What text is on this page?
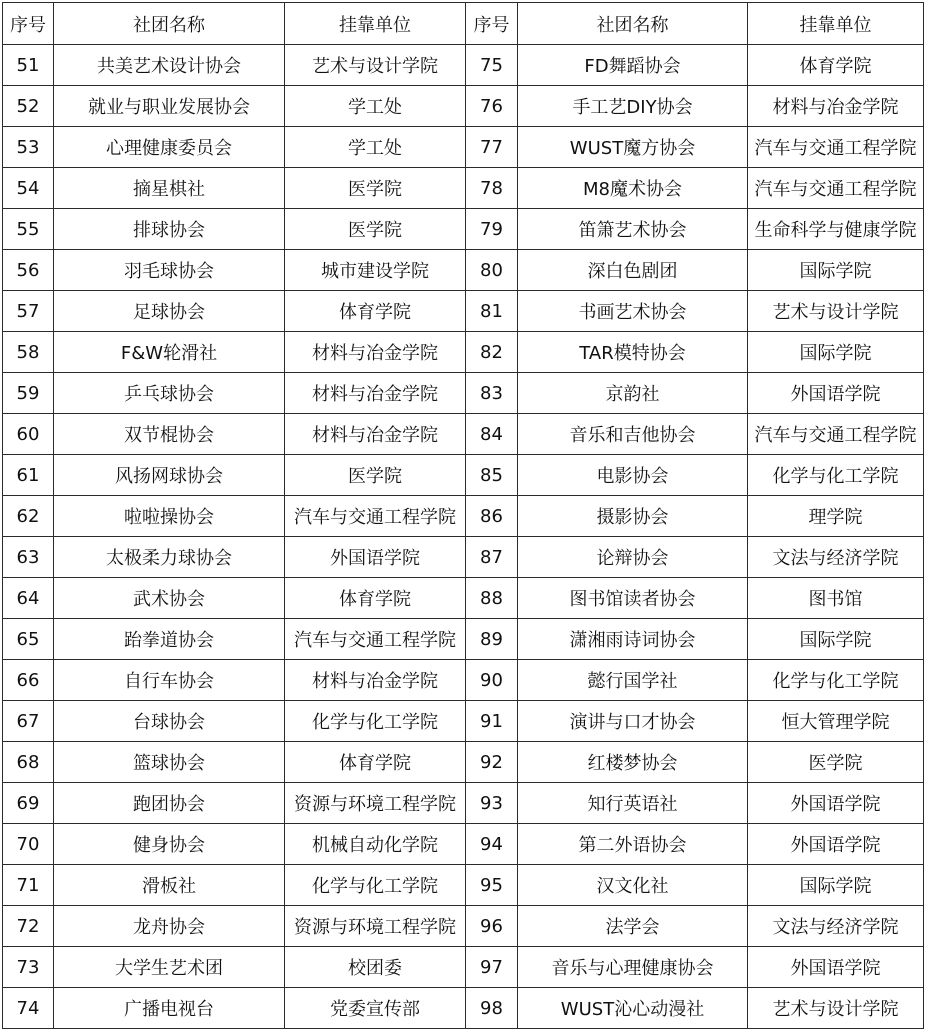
序号	社团名称	挂靠单位	序号	社团名称	挂靠单位
51	共美艺术设计协会	艺术与设计学院	75	FD舞蹈协会	体育学院
52	就业与职业发展协会	学工处	76	手工艺DIY协会	材料与冶金学院
53	心理健康委员会	学工处	77	WUST魔方协会	汽车与交通工程学院
54	摘星棋社	医学院	78	M8魔术协会	汽车与交通工程学院
55	排球协会	医学院	79	笛箫艺术协会	生命科学与健康学院
56	羽毛球协会	城市建设学院	80	深白色剧团	国际学院
57	足球协会	体育学院	81	书画艺术协会	艺术与设计学院
58	F&W轮滑社	材料与冶金学院	82	TAR模特协会	国际学院
59	乒乓球协会	材料与冶金学院	83	京韵社	外国语学院
60	双节棍协会	材料与冶金学院	84	音乐和吉他协会	汽车与交通工程学院
61	风扬网球协会	医学院	85	电影协会	化学与化工学院
62	啦啦操协会	汽车与交通工程学院	86	摄影协会	理学院
63	太极柔力球协会	外国语学院	87	论辩协会	文法与经济学院
64	武术协会	体育学院	88	图书馆读者协会	图书馆
65	跆拳道协会	汽车与交通工程学院	89	潇湘雨诗词协会	国际学院
66	自行车协会	材料与冶金学院	90	懿行国学社	化学与化工学院
67	台球协会	化学与化工学院	91	演讲与口才协会	恒大管理学院
68	篮球协会	体育学院	92	红楼梦协会	医学院
69	跑团协会	资源与环境工程学院	93	知行英语社	外国语学院
70	健身协会	机械自动化学院	94	第二外语协会	外国语学院
71	滑板社	化学与化工学院	95	汉文化社	国际学院
72	龙舟协会	资源与环境工程学院	96	法学会	文法与经济学院
73	大学生艺术团	校团委	97	音乐与心理健康协会	外国语学院
74	广播电视台	党委宣传部	98	WUST沁心动漫社	艺术与设计学院
